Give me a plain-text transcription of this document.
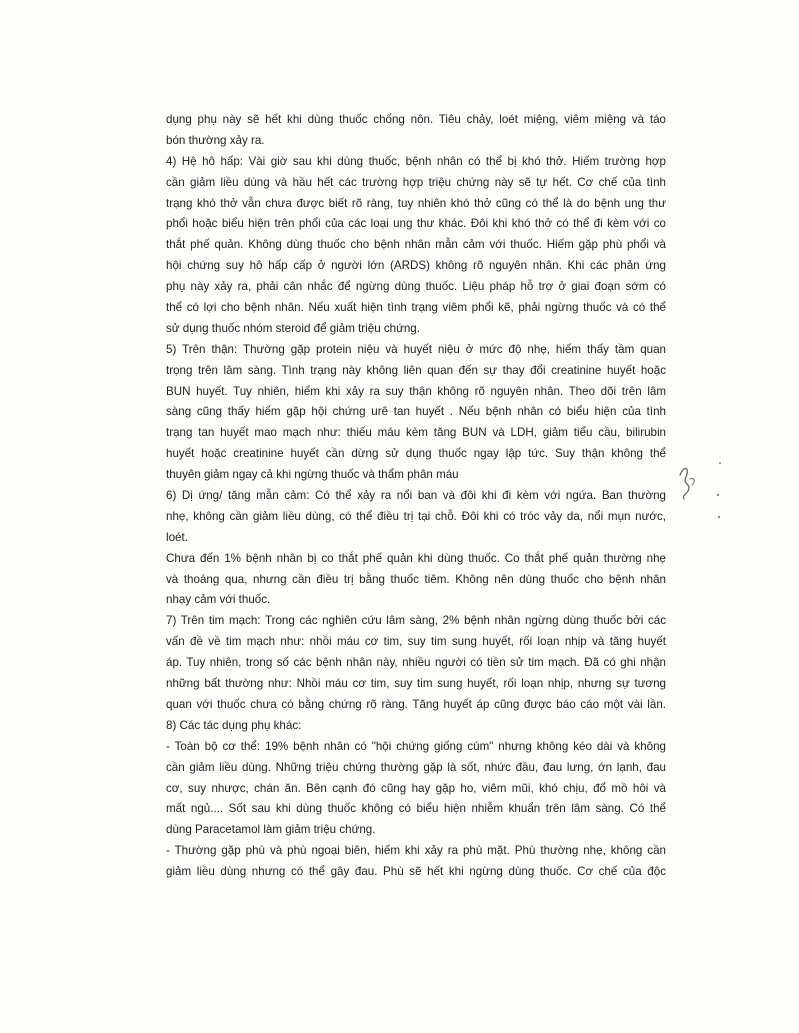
dụng phụ này sẽ hết khi dùng thuốc chống nôn. Tiêu chảy, loét miệng, viêm miệng và táo
bón thường xảy ra.
4) Hệ hô hấp: Vài giờ sau khi dùng thuốc, bệnh nhân có thể bị khó thở. Hiếm trường hợp
cần giảm liều dùng và hầu hết các trường hợp triệu chứng này sẽ tự hết. Cơ chế của tình
trạng khó thở vẫn chưa được biết rõ ràng, tuy nhiên khó thở cũng có thể là do bệnh ung thư
phổi hoặc biểu hiện trên phổi của các loại ung thư khác. Đôi khi khó thở có thể đi kèm với co
thắt phế quản. Không dùng thuốc cho bệnh nhân mẫn cảm với thuốc. Hiếm gặp phù phổi và
hội chứng suy hô hấp cấp ở người lớn (ARDS) không rõ nguyên nhân. Khi các phản ứng
phụ này xảy ra, phải cân nhắc để ngừng dùng thuốc. Liệu pháp hỗ trợ ở giai đoạn sớm có
thể có lợi cho bệnh nhân. Nếu xuất hiện tình trạng viêm phổi kẽ, phải ngừng thuốc và có thể
sử dụng thuốc nhóm steroid để giảm triệu chứng.
5) Trên thận: Thường gặp protein niệu và huyết niệu ở mức độ nhẹ, hiếm thấy tầm quan
trọng trên lâm sàng. Tình trạng này không liên quan đến sự thay đổi creatinine huyết hoặc
BUN huyết. Tuy nhiên, hiếm khi xảy ra suy thận không rõ nguyên nhân. Theo dõi trên lâm
sàng cũng thấy hiếm gặp hội chứng urê tan huyết . Nếu bệnh nhân có biểu hiện của tình
trạng tan huyết mao mạch như: thiếu máu kèm tăng BUN và LDH, giảm tiểu cầu, bilirubin
huyết hoặc creatinine huyết cần dừng sử dụng thuốc ngay lập tức. Suy thận không thể
thuyên giảm ngay cả khi ngừng thuốc và thẩm phân máu
6) Dị ứng/ tăng mẫn cảm: Có thể xảy ra nổi ban và đôi khi đi kèm với ngứa. Ban thường
nhẹ, không cần giảm liều dùng, có thể điều trị tại chỗ. Đôi khi có tróc vảy da, nổi mụn nước,
loét.
Chưa đến 1% bệnh nhân bị co thắt phế quản khi dùng thuốc. Co thắt phế quản thường nhẹ
và thoáng qua, nhưng cần điều trị bằng thuốc tiêm. Không nên dùng thuốc cho bệnh nhân
nhạy cảm với thuốc.
7) Trên tim mạch: Trong các nghiên cứu lâm sàng, 2% bệnh nhân ngừng dùng thuốc bởi các
vấn đề về tim mạch như: nhồi máu cơ tim, suy tim sung huyết, rối loạn nhịp và tăng huyết
áp. Tuy nhiên, trong số các bệnh nhân này, nhiều người có tiền sử tim mạch. Đã có ghi nhận
những bất thường như: Nhồi máu cơ tim, suy tim sung huyết, rối loạn nhịp, nhưng sự tương
quan với thuốc chưa có bằng chứng rõ ràng. Tăng huyết áp cũng được báo cáo một vài lần.
8) Các tác dụng phụ khác:
- Toàn bộ cơ thể: 19% bệnh nhân có "hội chứng giống cúm" nhưng không kéo dài và không
cần giảm liều dùng. Những triệu chứng thường gặp là sốt, nhức đầu, đau lưng, ớn lạnh, đau
cơ, suy nhược, chán ăn. Bên cạnh đó cũng hay gặp ho, viêm mũi, khó chịu, đổ mồ hôi và
mất ngủ.... Sốt sau khi dùng thuốc không có biểu hiện nhiễm khuẩn trên lâm sàng. Có thể
dùng Paracetamol làm giảm triệu chứng.
- Thường gặp phù và phù ngoại biên, hiếm khi xảy ra phù mặt. Phù thường nhẹ, không cần
giảm liều dùng nhưng có thể gây đau. Phù sẽ hết khi ngừng dùng thuốc. Cơ chế của độc
